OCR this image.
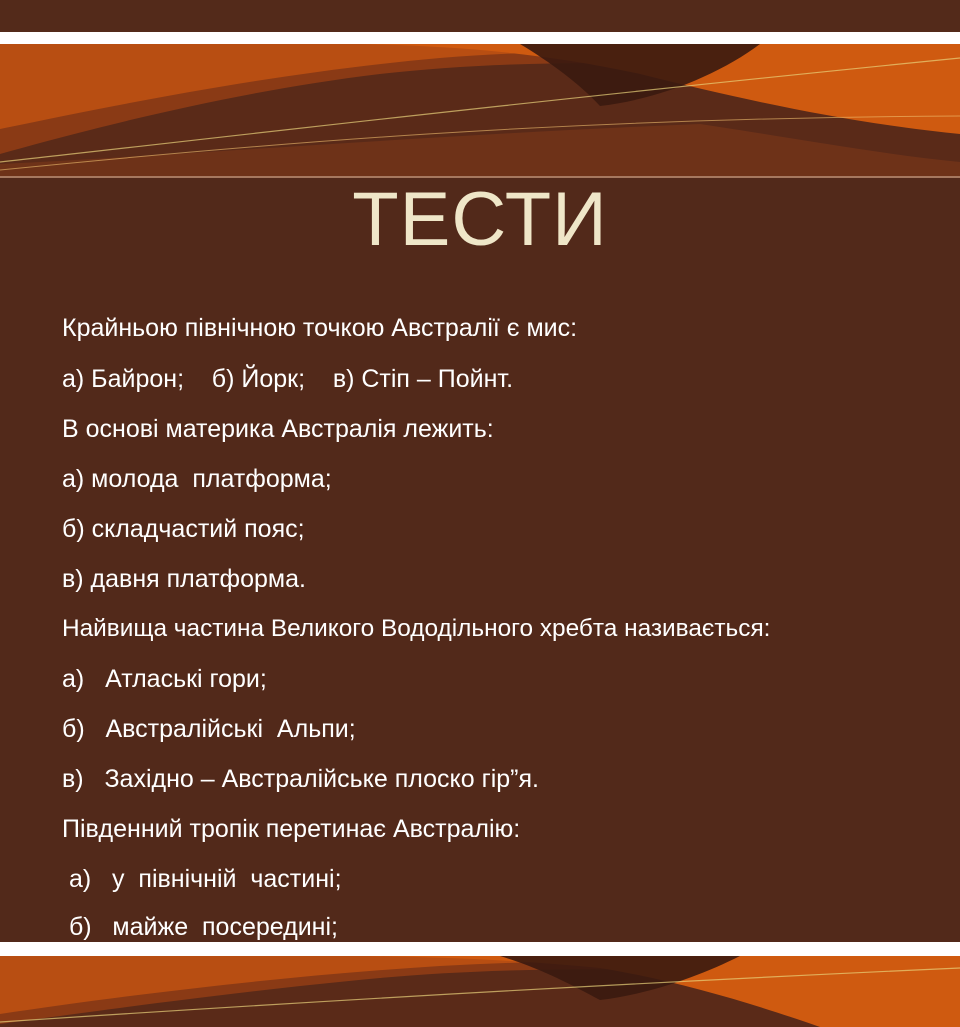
ТЕСТИ
Крайньою північною точкою Австралії є мис:
а) Байрон;    б) Йорк;    в) Стіп – Пойнт.
В основі материка Австралія лежить:
а) молода  платформа;
б) складчастий пояс;
в) давня платформа.
Найвища частина Великого Вододільного хребта називається:
а)   Атлаські гори;
б)   Австралійські  Альпи;
в)   Західно – Австралійське плоско гір”я.
Південний тропік перетинає Австралію:
а)   у  північній  частині;
б)   майже  посередині;
